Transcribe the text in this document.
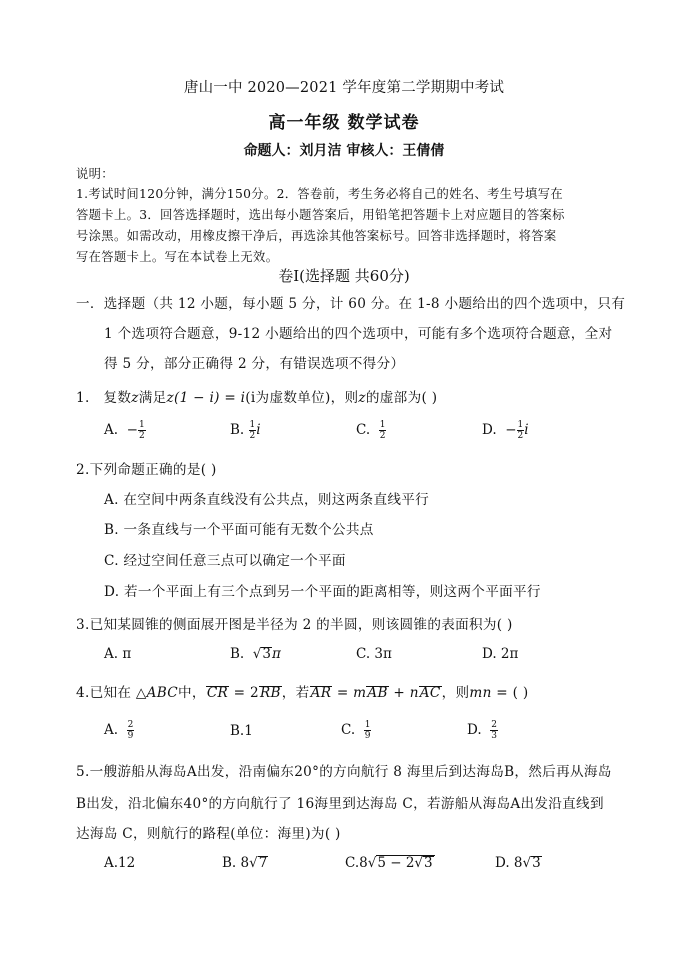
唐山一中 2020—2021 学年度第二学期期中考试
高一年级 数学试卷
命题人：刘月洁 审核人：王倩倩
说明：
1.考试时间120分钟，满分150分。2．答卷前，考生务必将自己的姓名、考生号填写在
答题卡上。3．回答选择题时，选出每小题答案后，用铅笔把答题卡上对应题目的答案标
号涂黑。如需改动，用橡皮擦干净后，再选涂其他答案标号。回答非选择题时，将答案
写在答题卡上。写在本试卷上无效。
卷Ⅰ(选择题 共60分)
一．选择题（共 12 小题，每小题 5 分，计 60 分。在 1-8 小题给出的四个选项中，只有
1 个选项符合题意，9-12 小题给出的四个选项中，可能有多个选项符合题意，全对
得 5 分，部分正确得 2 分，有错误选项不得分）
1. 复数z满足z(1 − i) = i(i为虚数单位)，则z的虚部为( )
A. − $\frac{1}{2}$	B. $\frac{1}{2}$ i	C. $\frac{1}{2}$	D. − $\frac{1}{2}$ i
2.下列命题正确的是( )
A. 在空间中两条直线没有公共点，则这两条直线平行
B. 一条直线与一个平面可能有无数个公共点
C. 经过空间任意三点可以确定一个平面
D. 若一个平面上有三个点到另一个平面的距离相等，则这两个平面平行
3.已知某圆锥的侧面展开图是半径为 2 的半圆，则该圆锥的表面积为( )
A. π	B.  √3π	C. 3π	D. 2π
4.已知在 △ABC中，CR = 2RB，若AR = mAB + nAC，则mn = ( )
A. $\frac{2}{9}$	B.1	C. $\frac{1}{9}$	D. $\frac{2}{3}$
5.一艘游船从海岛A出发，沿南偏东20°的方向航行 8 海里后到达海岛B，然后再从海岛
B出发，沿北偏东40°的方向航行了 16海里到达海岛 C，若游船从海岛A出发沿直线到
达海岛 C，则航行的路程(单位：海里)为( )
A.12	B. 8√7	C.8√5 − 2√3	D. 8√3
